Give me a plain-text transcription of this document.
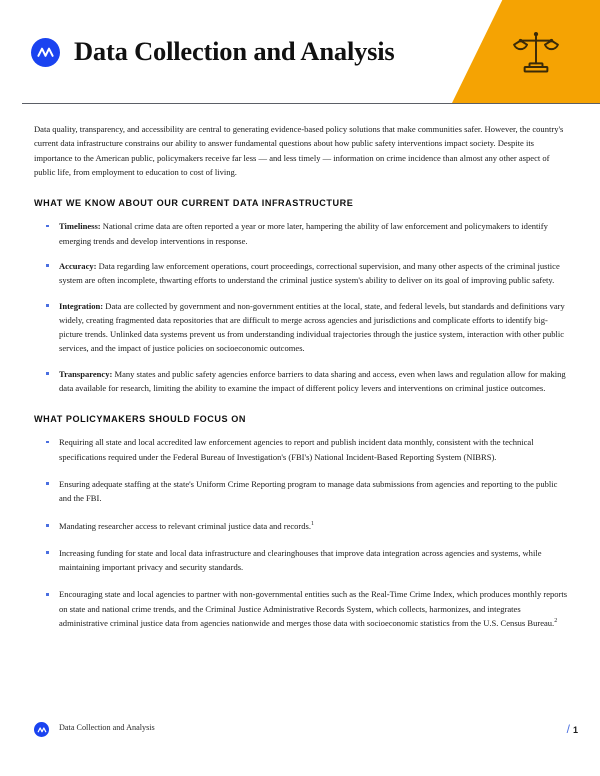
Data Collection and Analysis

Data quality, transparency, and accessibility are central to generating evidence-based policy solutions that make communities safer. However, the country's current data infrastructure constrains our ability to answer fundamental questions about how public safety interventions impact society. Despite its importance to the American public, policymakers receive far less — and less timely — information on crime incidence than almost any other aspect of public life, from employment to education to cost of living.

WHAT WE KNOW ABOUT OUR CURRENT DATA INFRASTRUCTURE
Timeliness: National crime data are often reported a year or more later, hampering the ability of law enforcement and policymakers to identify emerging trends and develop interventions in response.
Accuracy: Data regarding law enforcement operations, court proceedings, correctional supervision, and many other aspects of the criminal justice system are often incomplete, thwarting efforts to understand the criminal justice system's ability to deliver on its goal of improving public safety.
Integration: Data are collected by government and non-government entities at the local, state, and federal levels, but standards and definitions vary widely, creating fragmented data repositories that are difficult to merge across agencies and jurisdictions and complicate efforts to identify big-picture trends. Unlinked data systems prevent us from understanding individual trajectories through the justice system, interaction with other public services, and the impact of justice policies on socioeconomic outcomes.
Transparency: Many states and public safety agencies enforce barriers to data sharing and access, even when laws and regulation allow for making data available for research, limiting the ability to examine the impact of different policy levers and interventions on criminal justice outcomes.
WHAT POLICYMAKERS SHOULD FOCUS ON
Requiring all state and local accredited law enforcement agencies to report and publish incident data monthly, consistent with the technical specifications required under the Federal Bureau of Investigation's (FBI's) National Incident-Based Reporting System (NIBRS).
Ensuring adequate staffing at the state's Uniform Crime Reporting program to manage data submissions from agencies and reporting to the public and the FBI.
Mandating researcher access to relevant criminal justice data and records.$^1$
Increasing funding for state and local data infrastructure and clearinghouses that improve data integration across agencies and systems, while maintaining important privacy and security standards.
Encouraging state and local agencies to partner with non-governmental entities such as the Real-Time Crime Index, which produces monthly reports on state and national crime trends, and the Criminal Justice Administrative Records System, which collects, harmonizes, and integrates administrative criminal justice data from agencies nationwide and merges those data with socioeconomic statistics from the U.S. Census Bureau.$^2$
Data Collection and Analysis	/ 1
